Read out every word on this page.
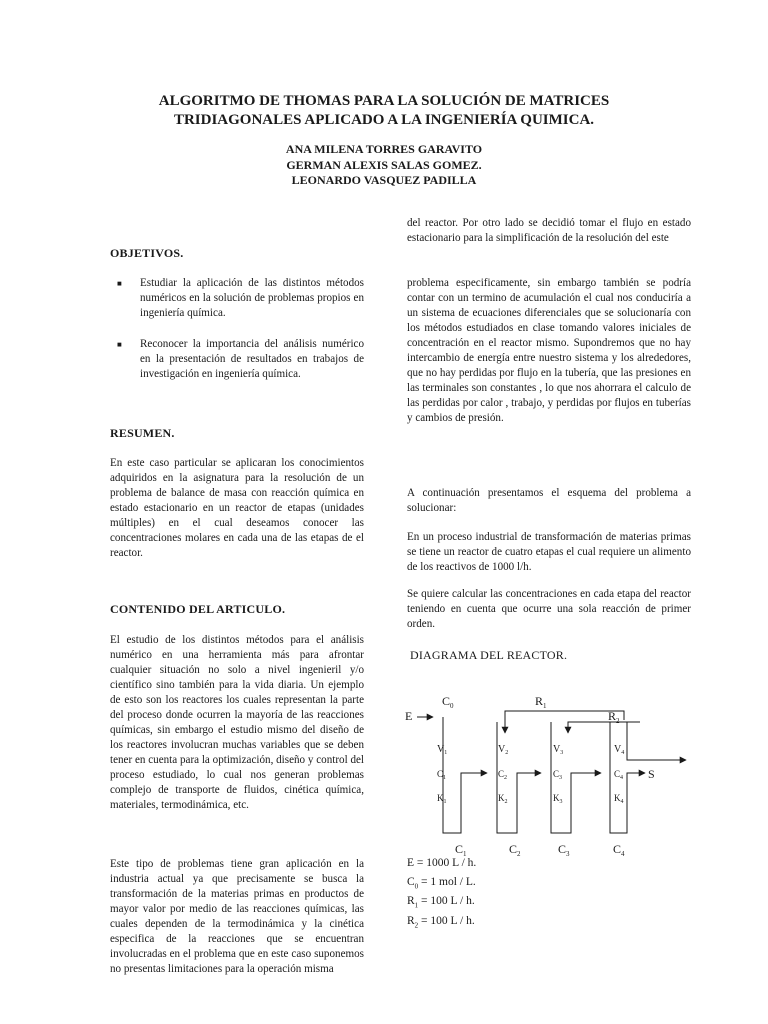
ALGORITMO DE THOMAS PARA LA SOLUCIÓN DE MATRICES
TRIDIAGONALES APLICADO A LA INGENIERÍA QUIMICA.
ANA MILENA TORRES GARAVITO
GERMAN ALEXIS SALAS GOMEZ.
LEONARDO VASQUEZ PADILLA
OBJETIVOS.
■ Estudiar la aplicación de las distintos métodos numéricos en la solución de problemas propios en ingeniería química.
■ Reconocer la importancia del análisis numérico en la presentación de resultados en trabajos de investigación en ingeniería química.
RESUMEN.
En este caso particular se aplicaran los conocimientos adquiridos en la asignatura para la resolución de un problema de balance de masa con reacción química en estado estacionario en un reactor de etapas (unidades múltiples) en el cual deseamos conocer las concentraciones molares en cada una de las etapas de el reactor.
CONTENIDO DEL ARTICULO.
El estudio de los distintos métodos para el análisis numérico en una herramienta más para afrontar cualquier situación no solo a nivel ingenieril y/o científico sino también para la vida diaria. Un ejemplo de esto son los reactores los cuales representan la parte del proceso donde ocurren la mayoría de las reacciones químicas, sin embargo el estudio mismo del diseño de los reactores involucran muchas variables que se deben tener en cuenta para la optimización, diseño y control del proceso estudiado, lo cual nos generan problemas complejo de transporte de fluidos, cinética química, materiales, termodinámica, etc.
Este tipo de problemas tiene gran aplicación en la industria actual ya que precisamente se busca la transformación de la materias primas en productos de mayor valor por medio de las reacciones químicas, las cuales dependen de la termodinámica y la cinética especifica de la reacciones que se encuentran involucradas en el problema que en este caso suponemos no presentas limitaciones para la operación misma
del reactor. Por otro lado se decidió tomar el flujo en estado estacionario para la simplificación de la resolución del este
problema especificamente, sin embargo también se podría contar con un termino de acumulación el cual nos conduciría a un sistema de ecuaciones diferenciales que se solucionaría con los métodos estudiados en clase tomando valores iniciales de concentración en el reactor mismo. Supondremos que no hay intercambio de energía entre nuestro sistema y los alrededores, que no hay perdidas por flujo en la tubería, que las presiones en las terminales son constantes , lo que nos ahorrara el calculo de las perdidas por calor , trabajo, y perdidas por flujos en tuberías y cambios de presión.
A continuación presentamos el esquema del problema a solucionar:
En un proceso industrial de transformación de materias primas se tiene un reactor de cuatro etapas el cual requiere un alimento de los reactivos de 1000 l/h.
Se quiere calcular las concentraciones en cada etapa del reactor teniendo en cuenta que ocurre una sola reacción de primer orden.
DIAGRAMA DEL REACTOR.
$C_0$
E
$R_1$
$R_2$
S
$V_1$
$C_1$
$K_1$
$V_2$
$C_2$
$K_2$
$V_3$
$C_3$
$K_3$
$V_4$
$C_4$
$K_4$
$C_1$	$C_2$	$C_3$	$C_4$
E = 1000 L / h.
$C_0 = 1$ mol / L.
$R_1 = 100$ L / h.
$R_2 = 100$ L / h.
